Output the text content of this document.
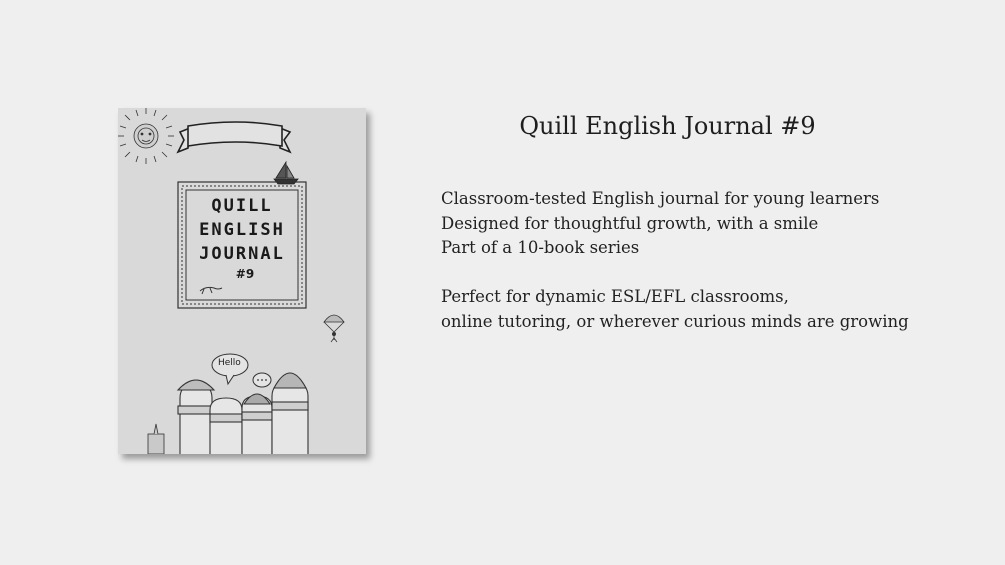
QUILL
ENGLISH
JOURNAL
#9
Hello
Quill English Journal #9

Classroom-tested English journal for young learners

Designed for thoughtful growth, with a smile

Part of a 10-book series

Perfect for dynamic ESL/EFL classrooms,

online tutoring, or wherever curious minds are growing
